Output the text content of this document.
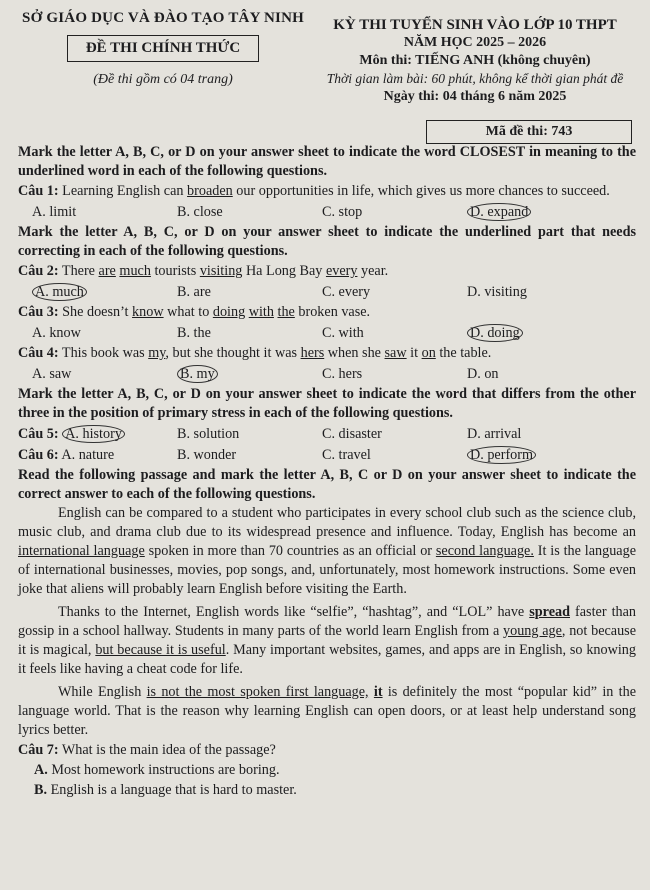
SỞ GIÁO DỤC VÀ ĐÀO TẠO TÂY NINH
ĐỀ THI CHÍNH THỨC
(Đề thi gồm có 04 trang)
KỲ THI TUYỂN SINH VÀO LỚP 10 THPT
NĂM HỌC 2025 – 2026
Môn thi: TIẾNG ANH (không chuyên)
Thời gian làm bài: 60 phút, không kể thời gian phát đề
Ngày thi: 04 tháng 6 năm 2025
Mã đề thi: 743

Mark the letter A, B, C, or D on your answer sheet to indicate the word CLOSEST in meaning to the underlined word in each of the following questions.

Câu 1: Learning English can broaden our opportunities in life, which gives us more chances to succeed.
A. limit	B. close	C. stop	D. expand

Mark the letter A, B, C, or D on your answer sheet to indicate the underlined part that needs correcting in each of the following questions.

Câu 2: There are much tourists visiting Ha Long Bay every year.
A. much	B. are	C. every	D. visiting
Câu 3: She doesn’t know what to doing with the broken vase.
A. know	B. the	C. with	D. doing
Câu 4: This book was my, but she thought it was hers when she saw it on the table.
A. saw	B. my	C. hers	D. on

Mark the letter A, B, C, or D on your answer sheet to indicate the word that differs from the other three in the position of primary stress in each of the following questions.

Câu 5: A. history	B. solution	C. disaster	D. arrival
Câu 6: A. nature	B. wonder	C. travel	D. perform

Read the following passage and mark the letter A, B, C or D on your answer sheet to indicate the correct answer to each of the following questions.

English can be compared to a student who participates in every school club such as the science club, music club, and drama club due to its widespread presence and influence. Today, English has become an international language spoken in more than 70 countries as an official or second language. It is the language of international businesses, movies, pop songs, and, unfortunately, most homework instructions. Some even joke that aliens will probably learn English before visiting the Earth.

Thanks to the Internet, English words like “selfie”, “hashtag”, and “LOL” have spread faster than gossip in a school hallway. Students in many parts of the world learn English from a young age, not because it is magical, but because it is useful. Many important websites, games, and apps are in English, so knowing it feels like having a cheat code for life.

While English is not the most spoken first language, it is definitely the most “popular kid” in the language world. That is the reason why learning English can open doors, or at least help understand song lyrics better.

Câu 7: What is the main idea of the passage?
A. Most homework instructions are boring.
B. English is a language that is hard to master.
